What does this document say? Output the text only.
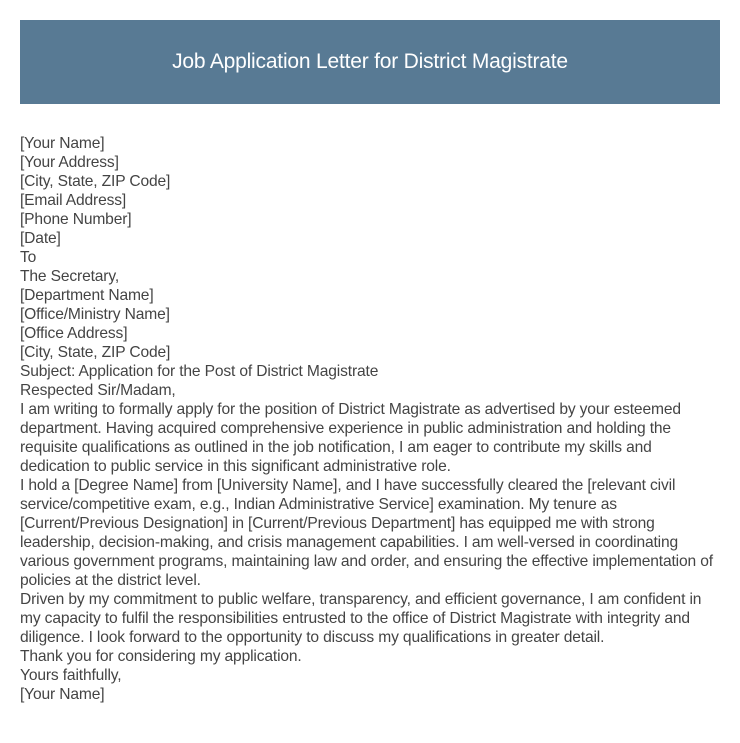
Job Application Letter for District Magistrate
[Your Name]
[Your Address]
[City, State, ZIP Code]
[Email Address]
[Phone Number]
[Date]
To
The Secretary,
[Department Name]
[Office/Ministry Name]
[Office Address]
[City, State, ZIP Code]
Subject: Application for the Post of District Magistrate
Respected Sir/Madam,
I am writing to formally apply for the position of District Magistrate as advertised by your esteemed department. Having acquired comprehensive experience in public administration and holding the requisite qualifications as outlined in the job notification, I am eager to contribute my skills and dedication to public service in this significant administrative role.
I hold a [Degree Name] from [University Name], and I have successfully cleared the [relevant civil service/competitive exam, e.g., Indian Administrative Service] examination. My tenure as [Current/Previous Designation] in [Current/Previous Department] has equipped me with strong leadership, decision-making, and crisis management capabilities. I am well-versed in coordinating various government programs, maintaining law and order, and ensuring the effective implementation of policies at the district level.
Driven by my commitment to public welfare, transparency, and efficient governance, I am confident in my capacity to fulfil the responsibilities entrusted to the office of District Magistrate with integrity and diligence. I look forward to the opportunity to discuss my qualifications in greater detail.
Thank you for considering my application.
Yours faithfully,
[Your Name]
